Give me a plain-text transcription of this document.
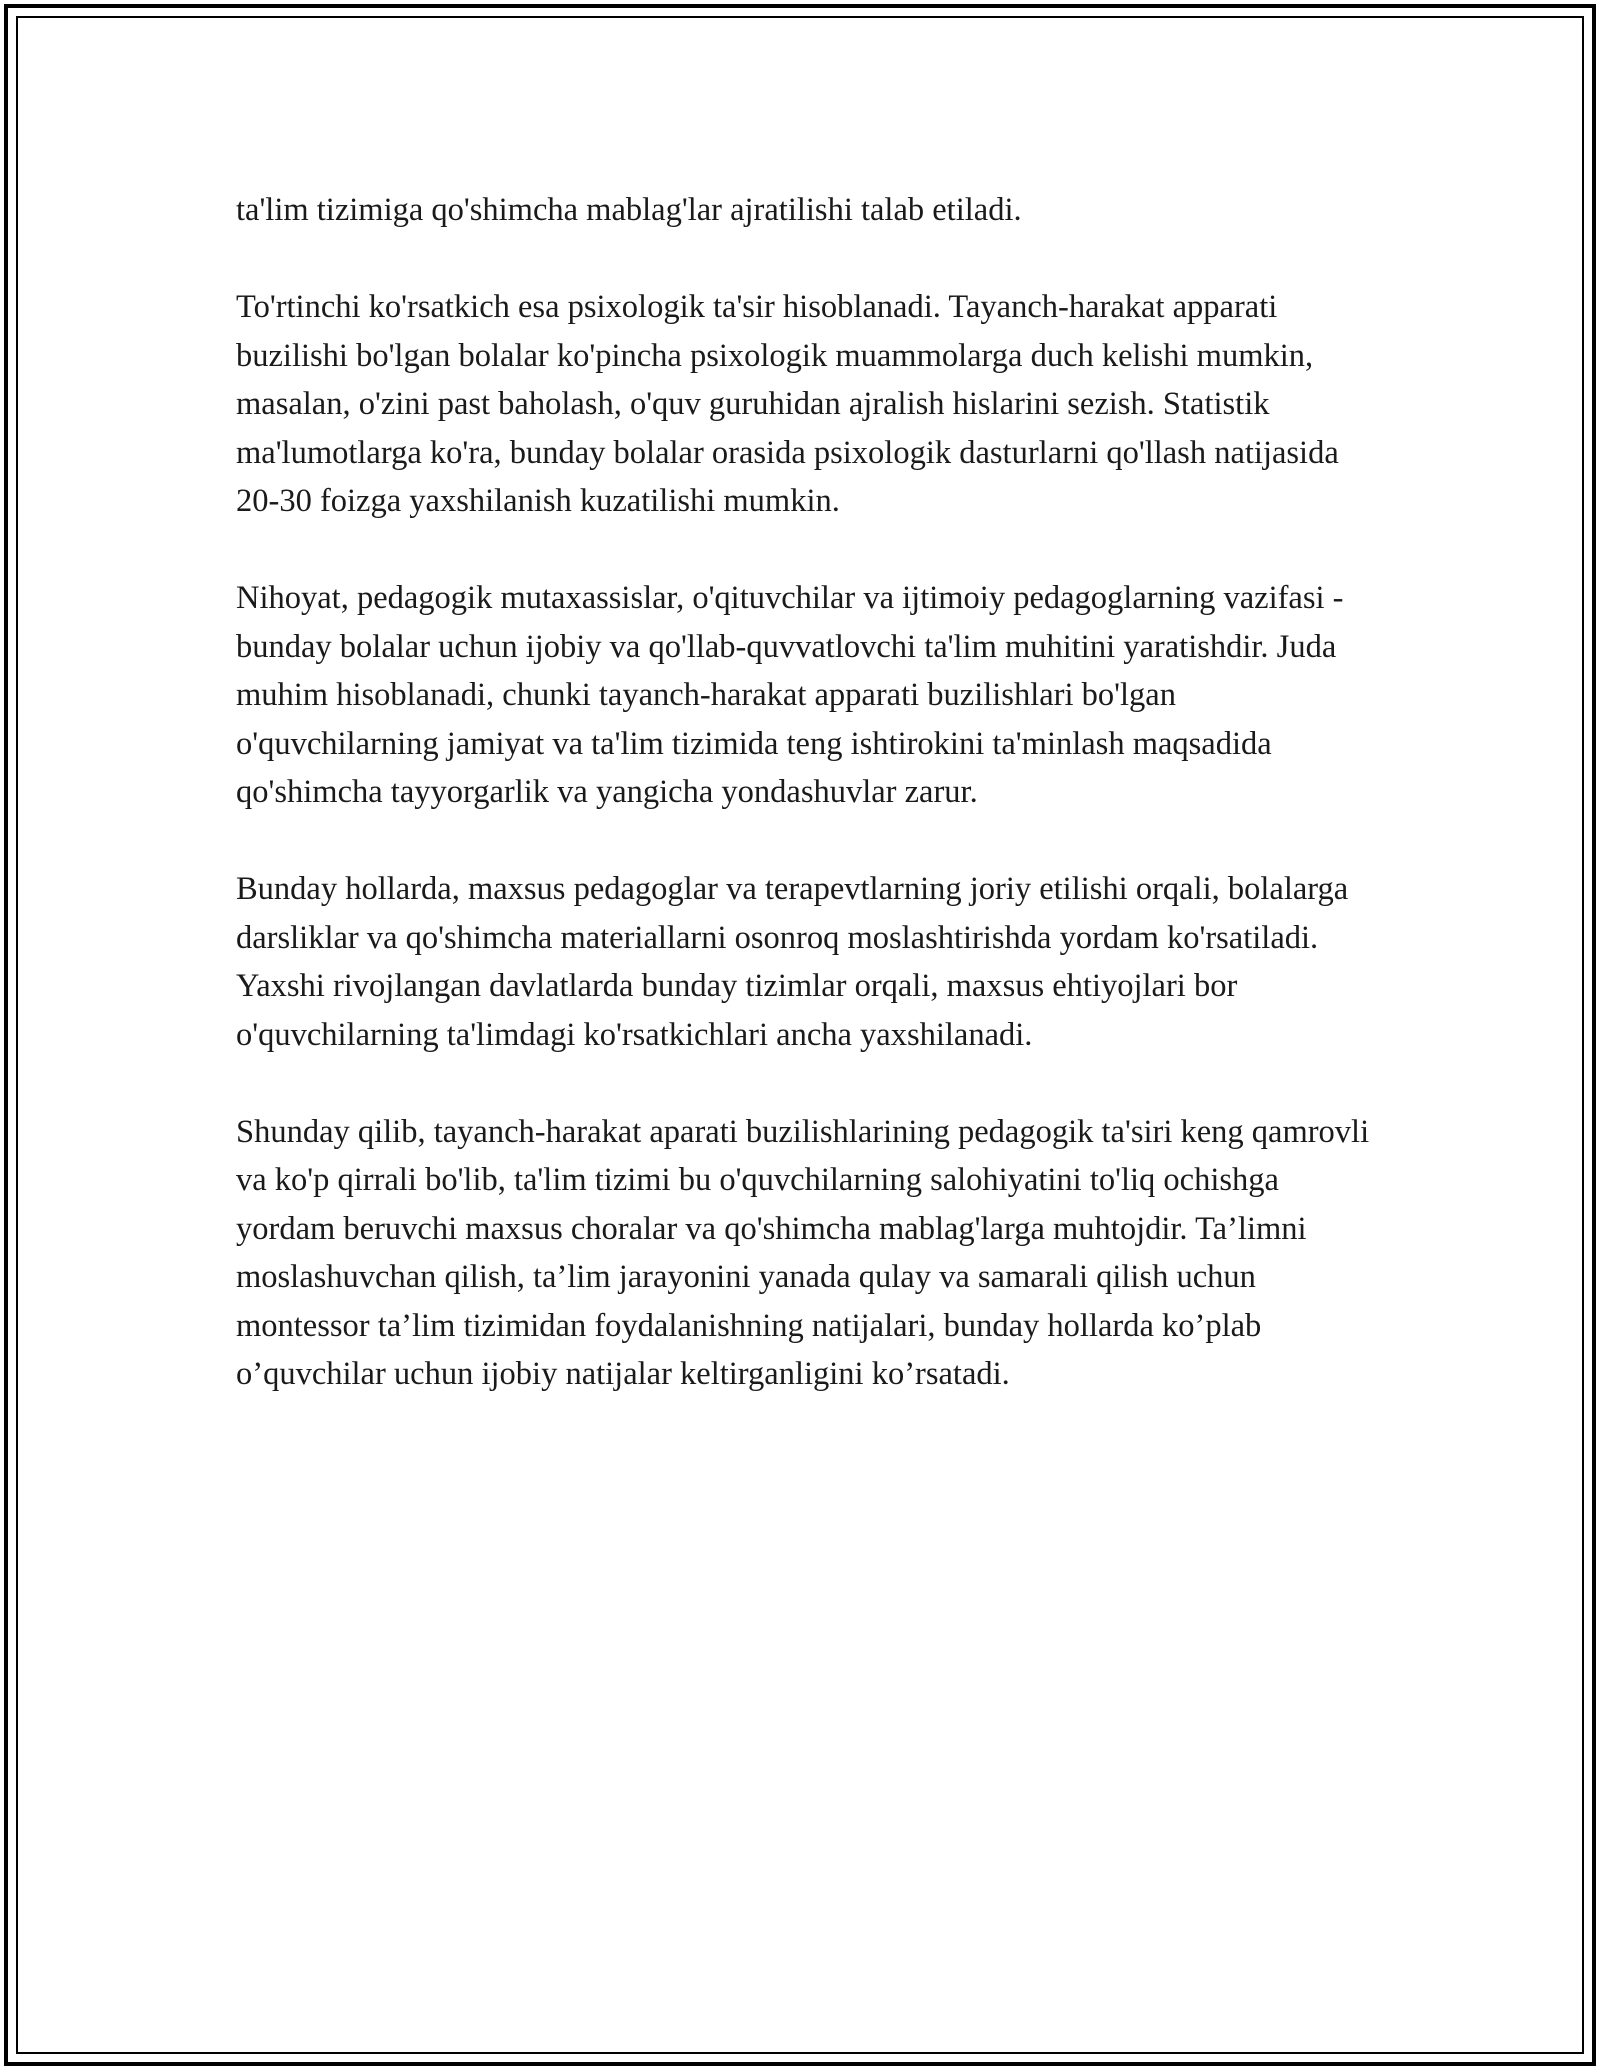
ta'lim tizimiga qo'shimcha mablag'lar ajratilishi talab etiladi.

To'rtinchi ko'rsatkich esa psixologik ta'sir hisoblanadi. Tayanch-harakat apparati buzilishi bo'lgan bolalar ko'pincha psixologik muammolarga duch kelishi mumkin, masalan, o'zini past baholash, o'quv guruhidan ajralish hislarini sezish. Statistik ma'lumotlarga ko'ra, bunday bolalar orasida psixologik dasturlarni qo'llash natijasida 20-30 foizga yaxshilanish kuzatilishi mumkin.

Nihoyat, pedagogik mutaxassislar, o'qituvchilar va ijtimoiy pedagoglarning vazifasi - bunday bolalar uchun ijobiy va qo'llab-quvvatlovchi ta'lim muhitini yaratishdir. Juda muhim hisoblanadi, chunki tayanch-harakat apparati buzilishlari bo'lgan o'quvchilarning jamiyat va ta'lim tizimida teng ishtirokini ta'minlash maqsadida qo'shimcha tayyorgarlik va yangicha yondashuvlar zarur.

Bunday hollarda, maxsus pedagoglar va terapevtlarning joriy etilishi orqali, bolalarga darsliklar va qo'shimcha materiallarni osonroq moslashtirishda yordam ko'rsatiladi. Yaxshi rivojlangan davlatlarda bunday tizimlar orqali, maxsus ehtiyojlari bor o'quvchilarning ta'limdagi ko'rsatkichlari ancha yaxshilanadi.

Shunday qilib, tayanch-harakat aparati buzilishlarining pedagogik ta'siri keng qamrovli va ko'p qirrali bo'lib, ta'lim tizimi bu o'quvchilarning salohiyatini to'liq ochishga yordam beruvchi maxsus choralar va qo'shimcha mablag'larga muhtojdir. Ta’limni moslashuvchan qilish, ta’lim jarayonini yanada qulay va samarali qilish uchun montessor ta’lim tizimidan foydalanishning natijalari, bunday hollarda ko’plab o’quvchilar uchun ijobiy natijalar keltirganligini ko’rsatadi.
